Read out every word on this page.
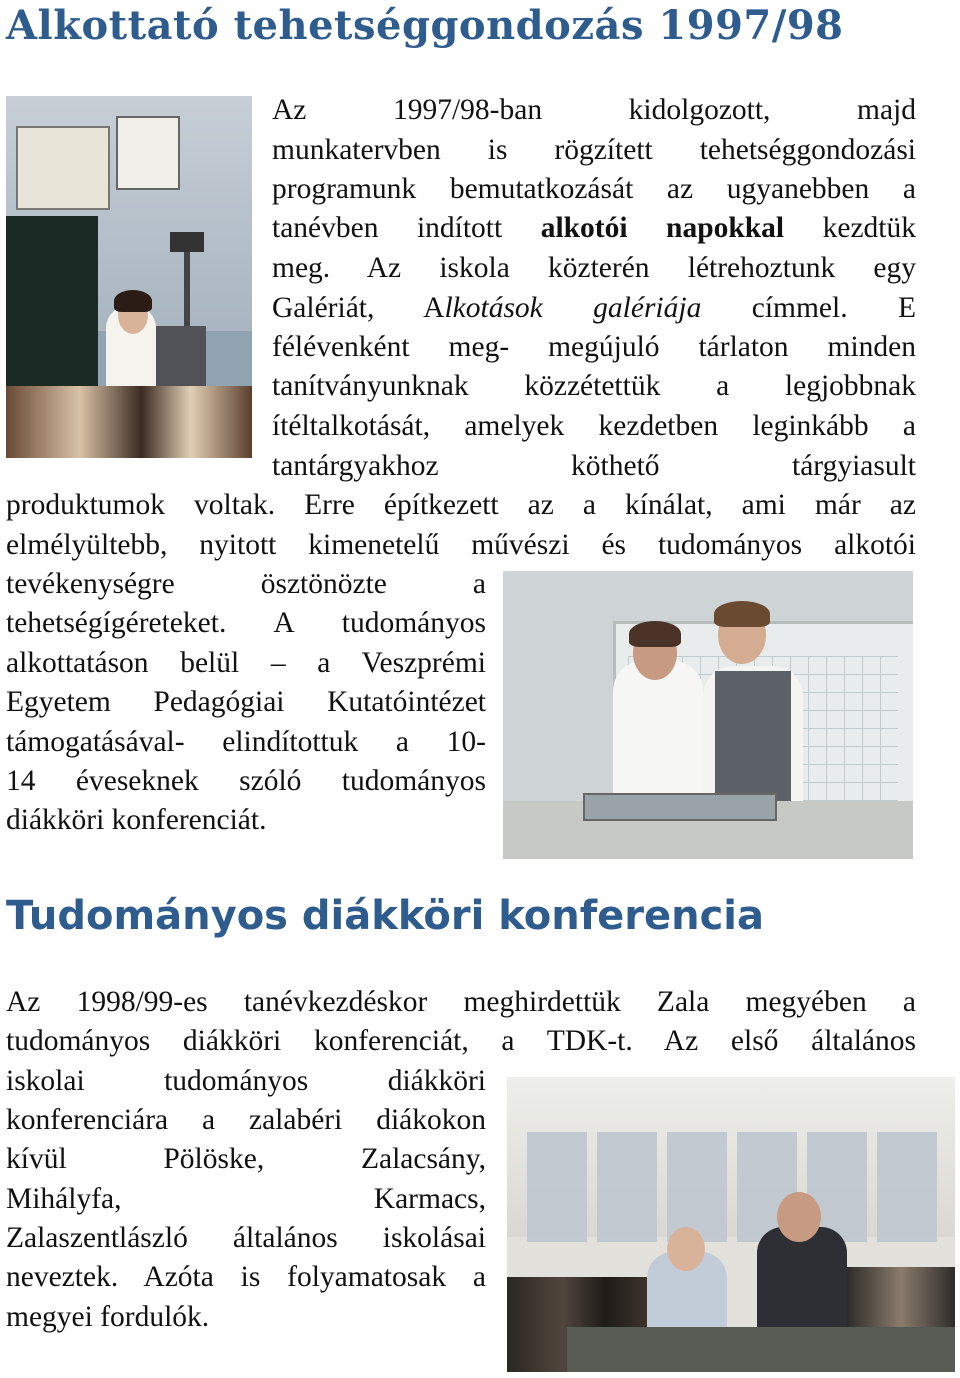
Alkottató tehetséggondozás 1997/98
Az 1997/98-ban kidolgozott, majd
munkatervben is rögzített tehetséggondozási
programunk bemutatkozását az ugyanebben a
tanévben indított alkotói napokkal kezdtük
meg. Az iskola közterén létrehoztunk egy
Galériát, Alkotások galériája címmel. E
félévenként meg- megújuló tárlaton minden
tanítványunknak közzétettük a legjobbnak
ítéltalkotását, amelyek kezdetben leginkább a
tantárgyakhoz köthető tárgyiasult
produktumok voltak. Erre építkezett az a kínálat, ami már az
elmélyültebb, nyitott kimenetelű művészi és tudományos alkotói
tevékenységre ösztönözte a
tehetségígéreteket. A tudományos
alkottatáson belül – a Veszprémi
Egyetem Pedagógiai Kutatóintézet
támogatásával- elindítottuk a 10-
14 éveseknek szóló tudományos
diákköri konferenciát.
Tudományos diákköri konferencia
Az 1998/99-es tanévkezdéskor meghirdettük Zala megyében a
tudományos diákköri konferenciát, a TDK-t. Az első általános
iskolai tudományos diákköri
konferenciára a zalabéri diákokon
kívül Pölöske, Zalacsány,
Mihályfa, Karmacs,
Zalaszentlászló általános iskolásai
neveztek. Azóta is folyamatosak a
megyei fordulók.
